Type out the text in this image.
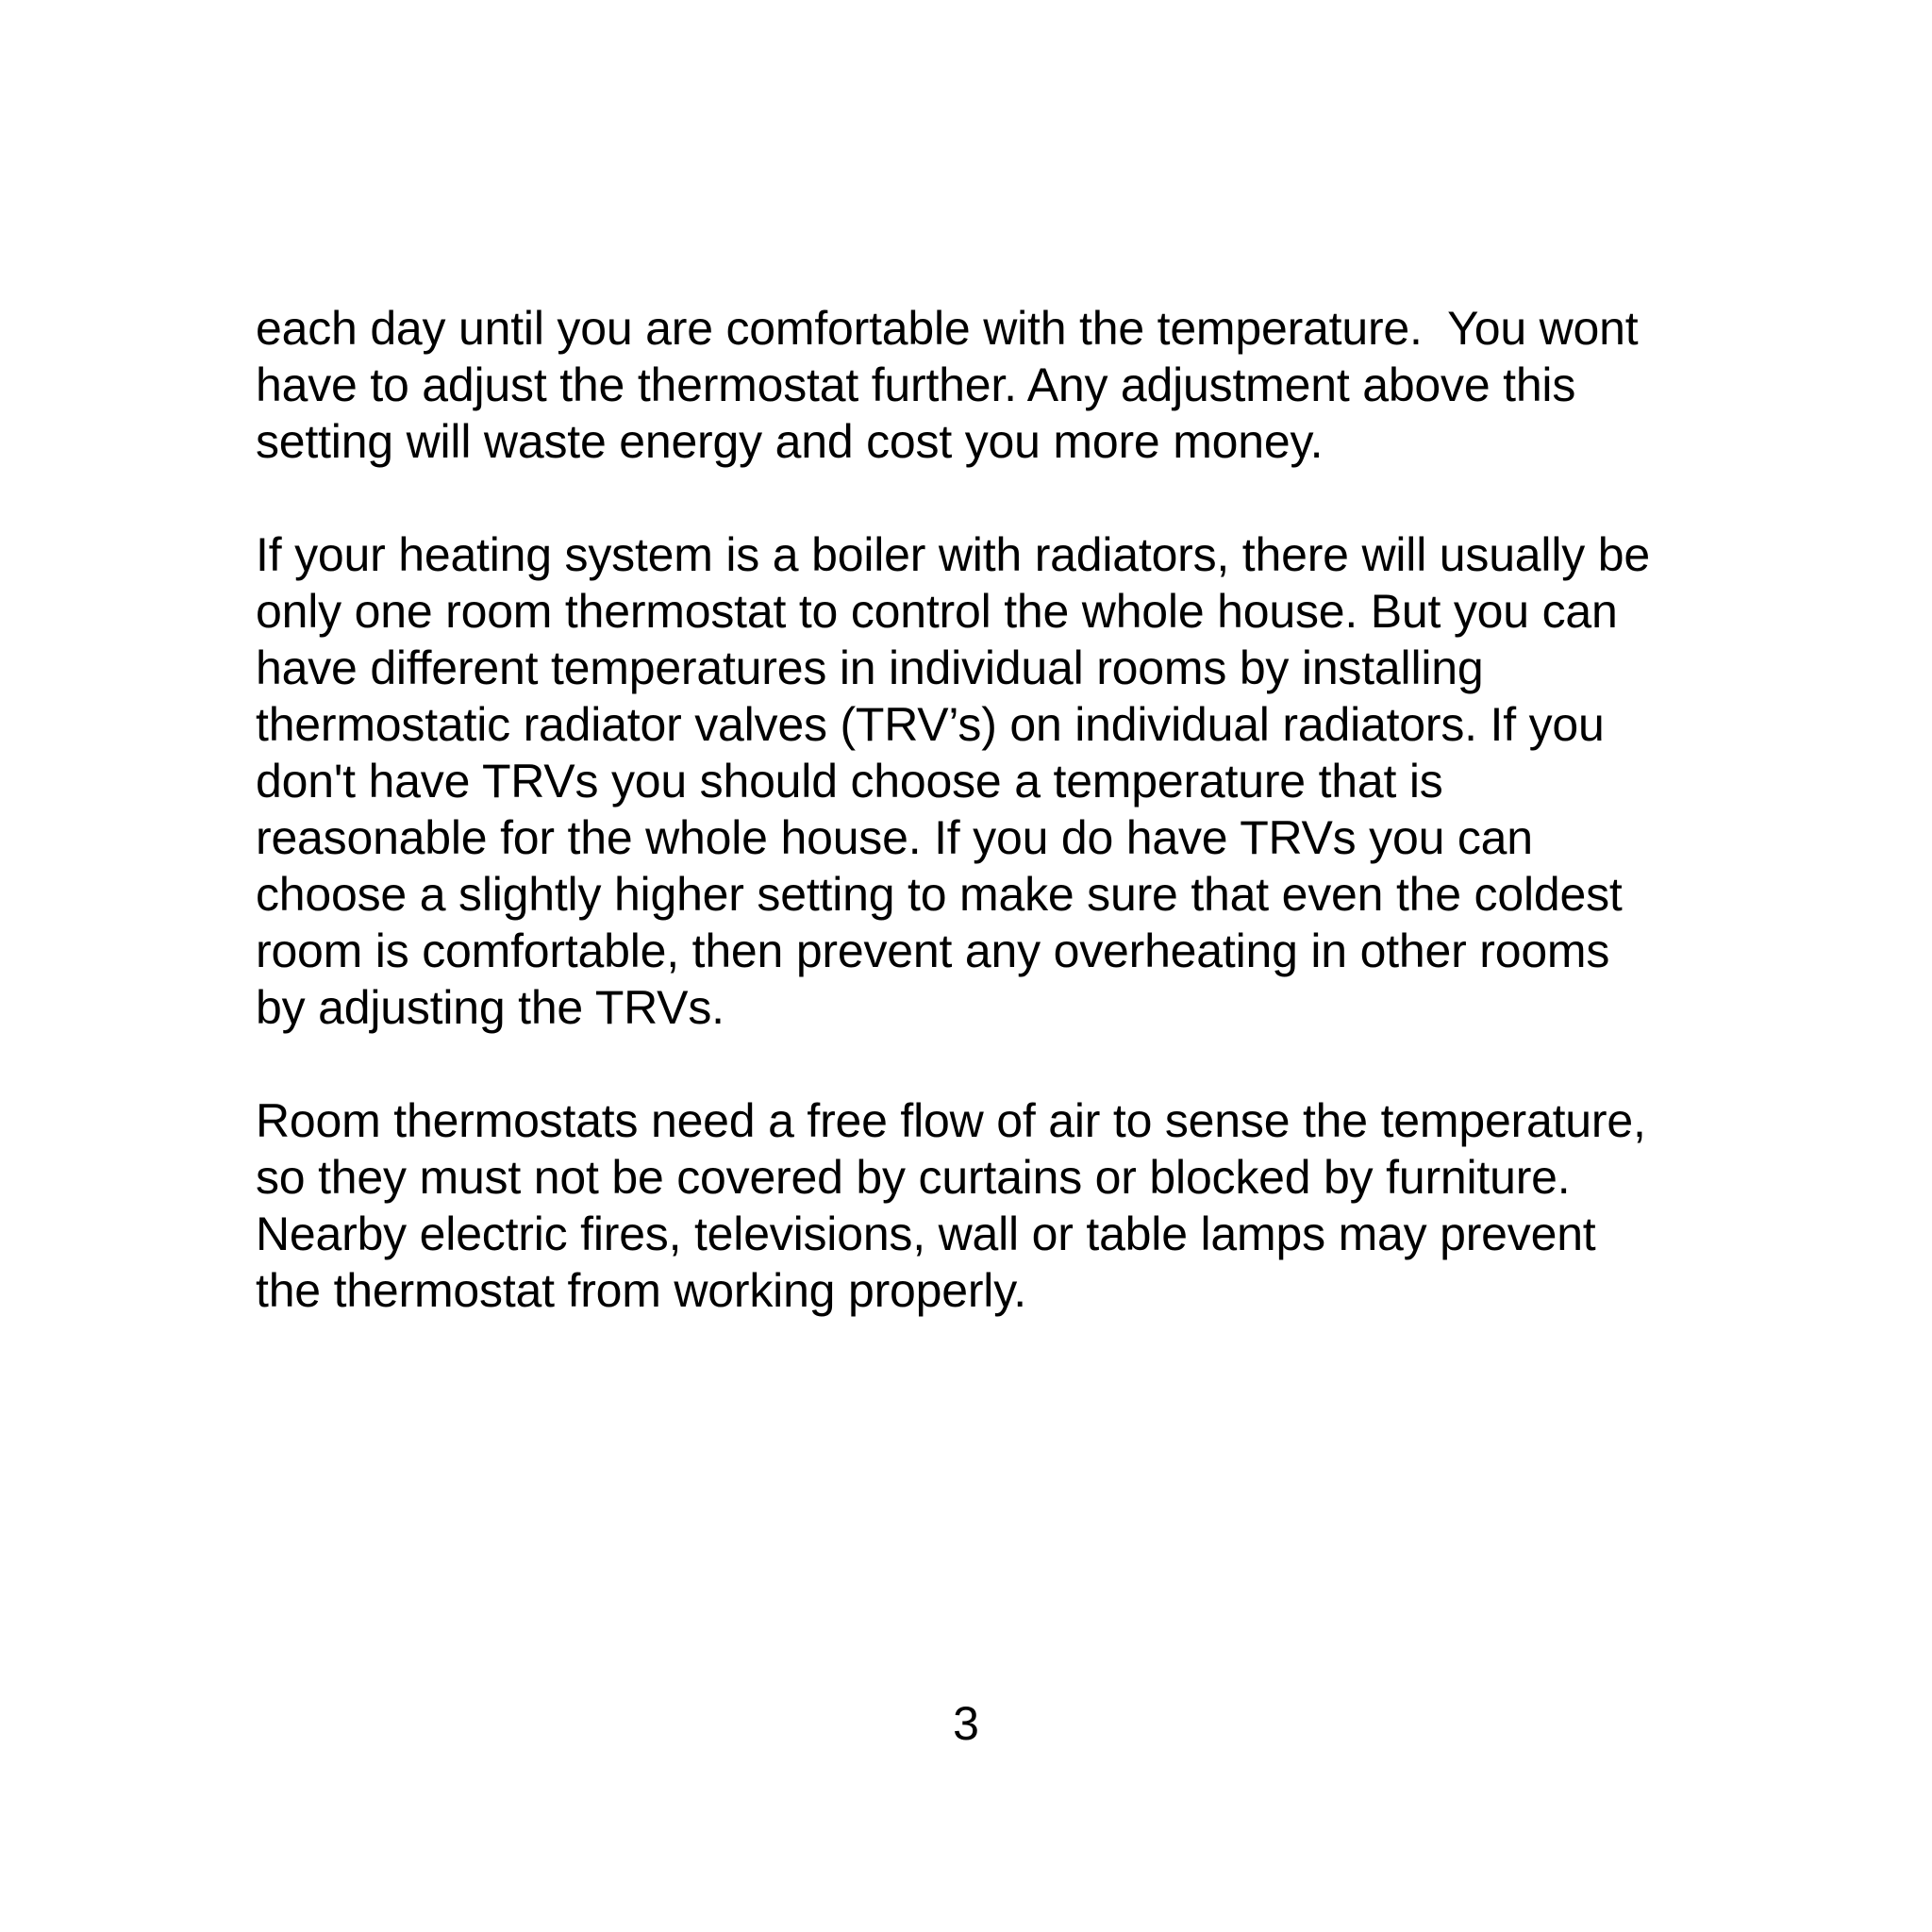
each day until you are comfortable with the temperature.  You wont
have to adjust the thermostat further. Any adjustment above this
setting will waste energy and cost you more money.

If your heating system is a boiler with radiators, there will usually be
only one room thermostat to control the whole house. But you can
have different temperatures in individual rooms by installing
thermostatic radiator valves (TRV’s) on individual radiators. If you
don't have TRVs you should choose a temperature that is
reasonable for the whole house. If you do have TRVs you can
choose a slightly higher setting to make sure that even the coldest
room is comfortable, then prevent any overheating in other rooms
by adjusting the TRVs.

Room thermostats need a free flow of air to sense the temperature,
so they must not be covered by curtains or blocked by furniture.
Nearby electric fires, televisions, wall or table lamps may prevent
the thermostat from working properly.

3
